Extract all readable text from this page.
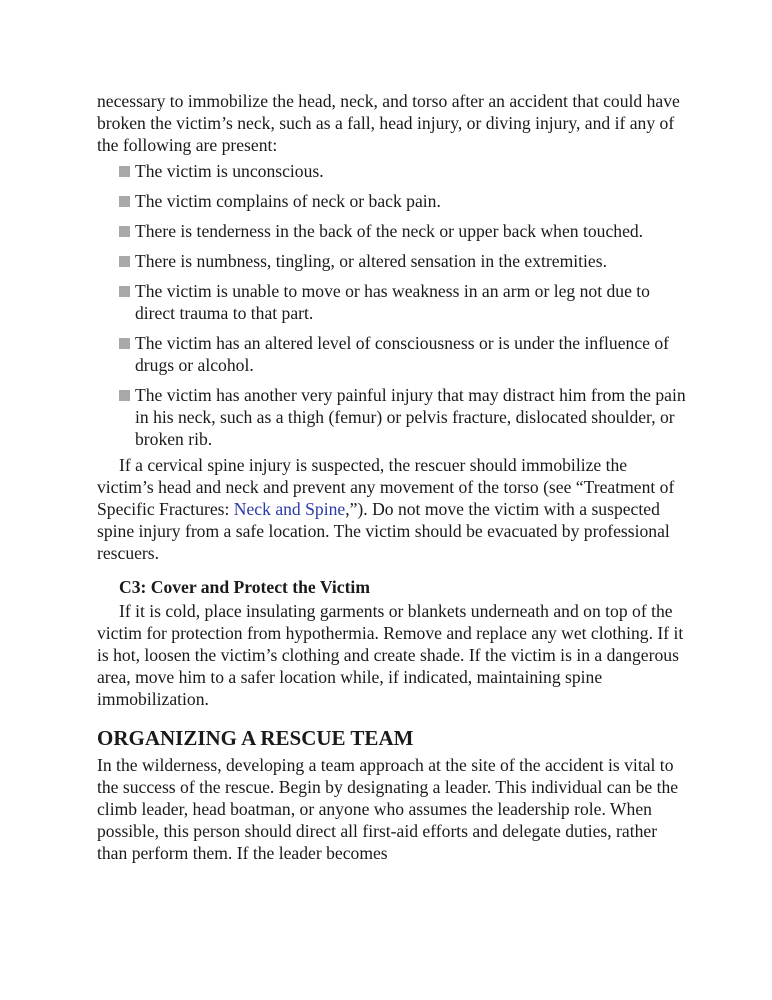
necessary to immobilize the head, neck, and torso after an accident that could have broken the victim’s neck, such as a fall, head injury, or diving injury, and if any of the following are present:

The victim is unconscious.
The victim complains of neck or back pain.
There is tenderness in the back of the neck or upper back when touched.
There is numbness, tingling, or altered sensation in the extremities.
The victim is unable to move or has weakness in an arm or leg not due to direct trauma to that part.
The victim has an altered level of consciousness or is under the influence of drugs or alcohol.
The victim has another very painful injury that may distract him from the pain in his neck, such as a thigh (femur) or pelvis fracture, dislocated shoulder, or broken rib.

If a cervical spine injury is suspected, the rescuer should immobilize the victim’s head and neck and prevent any movement of the torso (see “Treatment of Specific Fractures: Neck and Spine,”). Do not move the victim with a suspected spine injury from a safe location. The victim should be evacuated by professional rescuers.

C3: Cover and Protect the Victim

If it is cold, place insulating garments or blankets underneath and on top of the victim for protection from hypothermia. Remove and replace any wet clothing. If it is hot, loosen the victim’s clothing and create shade. If the victim is in a dangerous area, move him to a safer location while, if indicated, maintaining spine immobilization.

ORGANIZING A RESCUE TEAM

In the wilderness, developing a team approach at the site of the accident is vital to the success of the rescue. Begin by designating a leader. This individual can be the climb leader, head boatman, or anyone who assumes the leadership role. When possible, this person should direct all first-aid efforts and delegate duties, rather than perform them. If the leader becomes
